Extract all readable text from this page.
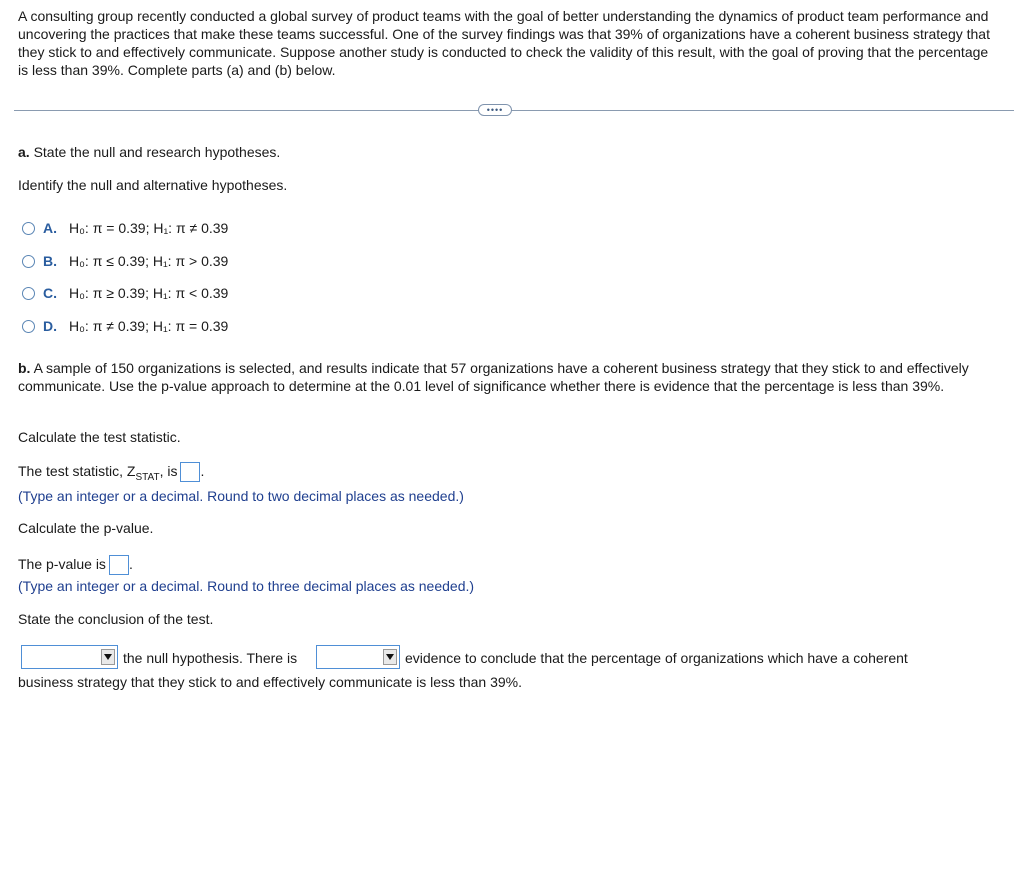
A consulting group recently conducted a global survey of product teams with the goal of better understanding the dynamics of product team performance and uncovering the practices that make these teams successful. One of the survey findings was that 39% of organizations have a coherent business strategy that they stick to and effectively communicate. Suppose another study is conducted to check the validity of this result, with the goal of proving that the percentage is less than 39%. Complete parts (a) and (b) below.
••••
a. State the null and research hypotheses.
Identify the null and alternative hypotheses.
A. H₀: π = 0.39; H₁: π ≠ 0.39
B. H₀: π ≤ 0.39; H₁: π > 0.39
C. H₀: π ≥ 0.39; H₁: π < 0.39
D. H₀: π ≠ 0.39; H₁: π = 0.39
b. A sample of 150 organizations is selected, and results indicate that 57 organizations have a coherent business strategy that they stick to and effectively communicate. Use the p-value approach to determine at the 0.01 level of significance whether there is evidence that the percentage is less than 39%.
Calculate the test statistic.
The test statistic, $Z_{STAT}$, is .
(Type an integer or a decimal. Round to two decimal places as needed.)
Calculate the p-value.
The p-value is .
(Type an integer or a decimal. Round to three decimal places as needed.)
State the conclusion of the test.
the null hypothesis. There is	evidence to conclude that the percentage of organizations which have a coherent
business strategy that they stick to and effectively communicate is less than 39%.
